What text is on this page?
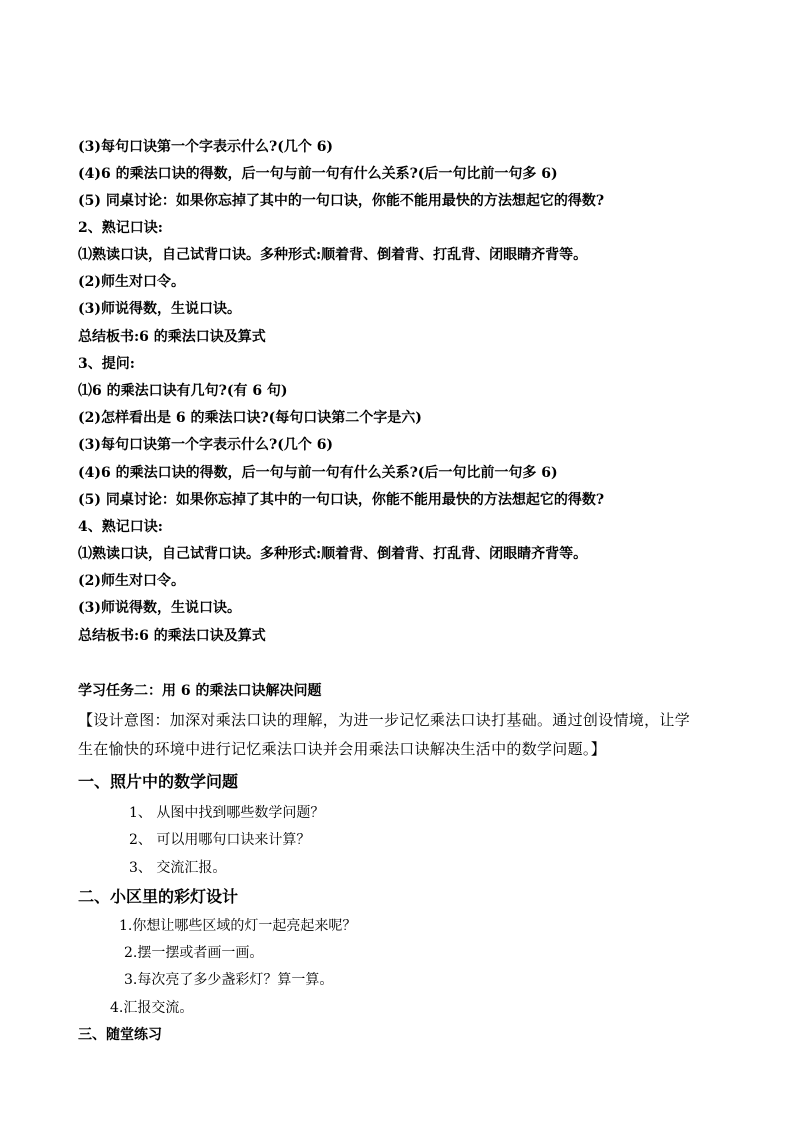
(3)每句口诀第一个字表示什么?(几个 6)
(4)6 的乘法口诀的得数，后一句与前一句有什么关系?(后一句比前一句多 6)
(5) 同桌讨论：如果你忘掉了其中的一句口诀，你能不能用最快的方法想起它的得数?
2、熟记口诀:
⑴熟读口诀，自己试背口诀。多种形式:顺着背、倒着背、打乱背、闭眼睛齐背等。
(2)师生对口令。
(3)师说得数，生说口诀。
总结板书:6 的乘法口诀及算式
3、提问:
⑴6 的乘法口诀有几句?(有 6 句)
(2)怎样看出是 6 的乘法口诀?(每句口诀第二个字是六)
(3)每句口诀第一个字表示什么?(几个 6)
(4)6 的乘法口诀的得数，后一句与前一句有什么关系?(后一句比前一句多 6)
(5) 同桌讨论：如果你忘掉了其中的一句口诀，你能不能用最快的方法想起它的得数?
4、熟记口诀:
⑴熟读口诀，自己试背口诀。多种形式:顺着背、倒着背、打乱背、闭眼睛齐背等。
(2)师生对口令。
(3)师说得数，生说口诀。
总结板书:6 的乘法口诀及算式
学习任务二：用 6 的乘法口诀解决问题
【设计意图：加深对乘法口诀的理解，为进一步记忆乘法口诀打基础。通过创设情境，让学
生在愉快的环境中进行记忆乘法口诀并会用乘法口诀解决生活中的数学问题。】
一、照片中的数学问题
1、 从图中找到哪些数学问题？
2、 可以用哪句口诀来计算？
3、 交流汇报。
二、小区里的彩灯设计
1.你想让哪些区域的灯一起亮起来呢？
2.摆一摆或者画一画。
3.每次亮了多少盏彩灯？算一算。
4.汇报交流。
三、随堂练习
